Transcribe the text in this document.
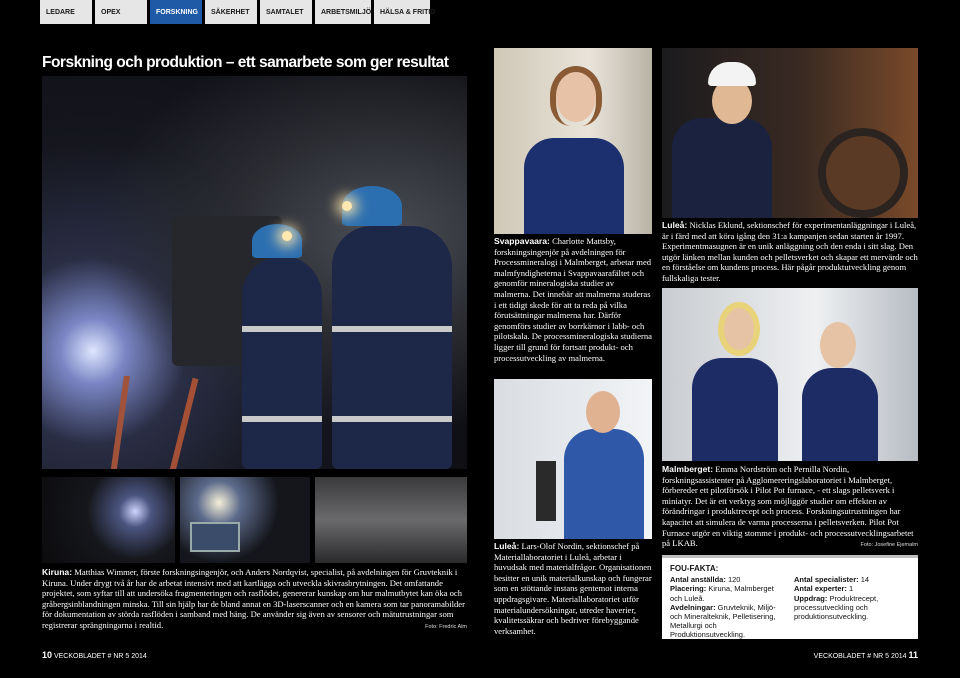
LEDARE	OPEX	FORSKNING	SÄKERHET	SAMTALET	ARBETSMILJÖ	HÄLSA & FRITID
Forskning och produktion – ett samarbete som ger resultat

Kiruna: Matthias Wimmer, förste forskningsingenjör, och Anders Nordqvist, specialist, på avdelningen för Gruvteknik i Kiruna. Under drygt två år har de arbetat intensivt med att kartlägga och utveckla skivrasbrytningen. Det omfattande projektet, som syftar till att undersöka fragmenteringen och rasflödet, genererar kunskap om hur malmutbytet kan öka och gråbergsinblandningen minska. Till sin hjälp har de bland annat en 3D-laserscanner och en kamera som tar panoramabilder för dokumentation av störda rasflöden i samband med häng. De använder sig även av sensorer och mätutrustningar som registrerar sprängningarna i realtid.	Foto: Fredric Alm

Svappavaara: Charlotte Mattsby, forskningsingenjör på avdelningen för Processmineralogi i Malmberget, arbetar med malmfyndigheterna i Svappavaarafältet och genomför mineralogiska studier av malmerna. Det innebär att malmerna studeras i ett tidigt skede för att ta reda på vilka förutsättningar malmerna har. Därför genomförs studier av borrkärnor i labb- och pilotskala. De processmineralogiska studierna ligger till grund för fortsatt produkt- och processutveckling av malmerna.

Luleå: Nicklas Eklund, sektionschef för experimentanläggningar i Luleå, är i färd med att köra igång den 31:a kampanjen sedan starten år 1997. Experimentmasugnen är en unik anläggning och den enda i sitt slag. Den utgör länken mellan kunden och pelletsverket och skapar ett mervärde och en förståelse om kundens process. Här pågår produktutveckling genom fullskaliga tester.

Luleå: Lars-Olof Nordin, sektionschef på Materiallaboratoriet i Luleå, arbetar i huvudsak med materialfrågor. Organisationen besitter en unik materialkunskap och fungerar som en stöttande instans gentemot interna uppdragsgivare. Materiallaboratoriet utför materialundersökningar, utreder haverier, kvalitetssäkrar och bedriver förebyggande verksamhet.

Malmberget: Emma Nordström och Pernilla Nordin, forskningsassistenter på Agglomereringslaboratoriet i Malmberget, förbereder ett pilotförsök i Pilot Pot furnace, - ett slags pelletsverk i miniatyr. Det är ett verktyg som möjliggör studier om effekten av förändringar i produktrecept och process. Forskningsutrustningen har kapacitet att simulera de varma processerna i pelletsverken. Pilot Pot Furnace utgör en viktig stomme i produkt- och processutvecklingsarbetet på LKAB.	Foto: Josefine Ejemalm

FOU-FAKTA:
Antal anställda: 120
Placering: Kiruna, Malmberget och Luleå.
Avdelningar: Gruvteknik, Miljö- och Mineralteknik, Pelletisering, Metallurgi och Produktionsutveckling.
Antal specialister: 14
Antal experter: 1
Uppdrag: Produktrecept, processutveckling och produktionsutveckling.
10 VECKOBLADET # NR 5 2014	VECKOBLADET # NR 5 2014 11
